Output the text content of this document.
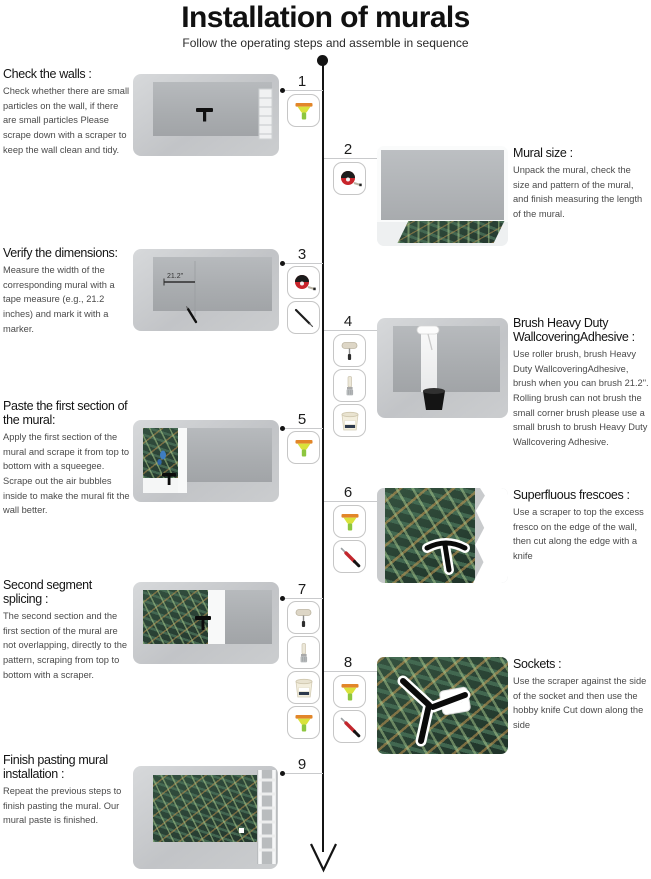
Installation of murals
Follow the operating steps and assemble in sequence
Check the walls :
Check whether there are small particles on the wall, if there are small particles Please scrape down with a scraper to keep the wall clean and tidy.
1
2	Mural size :
Unpack the mural, check the size and pattern of the mural, and finish measuring the length of the mural.
Verify the dimensions:
Measure the width of the corresponding mural with a tape measure (e.g., 21.2 inches) and mark it with a marker.
3
21.2"
4	Brush Heavy Duty WallcoveringAdhesive :
Use roller brush, brush Heavy Duty WallcoveringAdhesive, brush when you can brush 21.2". Rolling brush can not brush the small corner brush please use a small brush to brush Heavy Duty Wallcovering Adhesive.
Paste the first section of the mural:
Apply the first section of the mural and scrape it from top to bottom with a squeegee. Scrape out the air bubbles inside to make the mural fit the wall better.
5
6	Superfluous frescoes :
Use a scraper to top the excess fresco on the edge of the wall, then cut along the edge with a knife
Second segment splicing :
The second section and the first section of the mural are not overlapping, directly to the pattern, scraping from top to bottom with a scraper.
7
8	Sockets :
Use the scraper against the side of the socket and then use the hobby knife Cut down along the side
Finish pasting mural installation :
Repeat the previous steps to finish pasting the mural. Our mural paste is finished.
9
